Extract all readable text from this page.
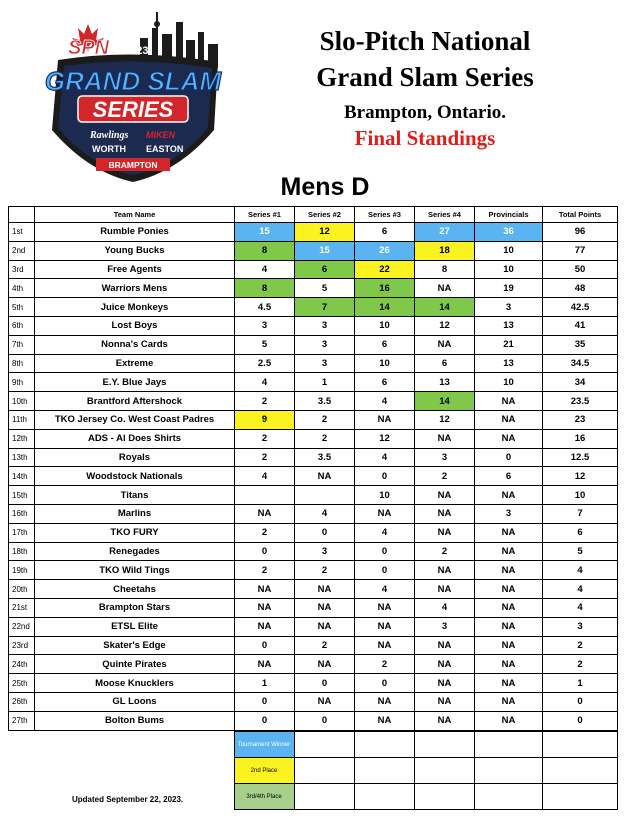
SPN 2023
GRAND SLAM
SERIES
Rawlings MIKEN
WORTH EASTON
BRAMPTON
Slo-Pitch National
Grand Slam Series
Brampton, Ontario.
Final Standings
Mens D
	Team Name	Series #1	Series #2	Series #3	Series #4	Provincials	Total Points
1st	Rumble Ponies	15	12	6	27	36	96
2nd	Young Bucks	8	15	26	18	10	77
3rd	Free Agents	4	6	22	8	10	50
4th	Warriors Mens	8	5	16	NA	19	48
5th	Juice Monkeys	4.5	7	14	14	3	42.5
6th	Lost Boys	3	3	10	12	13	41
7th	Nonna's Cards	5	3	6	NA	21	35
8th	Extreme	2.5	3	10	6	13	34.5
9th	E.Y. Blue Jays	4	1	6	13	10	34
10th	Brantford Aftershock	2	3.5	4	14	NA	23.5
11th	TKO Jersey Co. West Coast Padres	9	2	NA	12	NA	23
12th	ADS - Al Does Shirts	2	2	12	NA	NA	16
13th	Royals	2	3.5	4	3	0	12.5
14th	Woodstock Nationals	4	NA	0	2	6	12
15th	Titans			10	NA	NA	10
16th	Marlins	NA	4	NA	NA	3	7
17th	TKO FURY	2	0	4	NA	NA	6
18th	Renegades	0	3	0	2	NA	5
19th	TKO Wild Tings	2	2	0	NA	NA	4
20th	Cheetahs	NA	NA	4	NA	NA	4
21st	Brampton Stars	NA	NA	NA	4	NA	4
22nd	ETSL Elite	NA	NA	NA	3	NA	3
23rd	Skater's Edge	0	2	NA	NA	NA	2
24th	Quinte Pirates	NA	NA	2	NA	NA	2
25th	Moose Knucklers	1	0	0	NA	NA	1
26th	GL Loons	0	NA	NA	NA	NA	0
27th	Bolton Bums	0	0	NA	NA	NA	0
		Tournament Winner					
		2nd Place					
		3rd/4th Place					
Updated September 22, 2023.
